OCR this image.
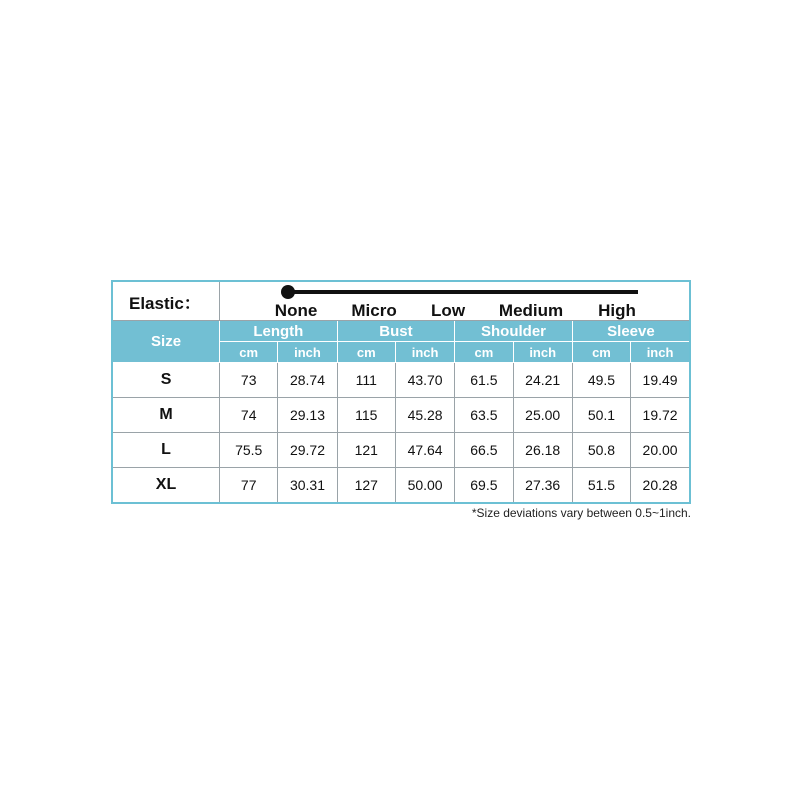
Elastic：	None Micro Low Medium High							

Size	Length		Bust		Shoulder		Sleeve	
	cm	inch	cm	inch	cm	inch	cm	inch
S	73	28.74	111	43.70	61.5	24.21	49.5	19.49
M	74	29.13	115	45.28	63.5	25.00	50.1	19.72
L	75.5	29.72	121	47.64	66.5	26.18	50.8	20.00
XL	77	30.31	127	50.00	69.5	27.36	51.5	20.28
*Size deviations vary between 0.5~1inch.
